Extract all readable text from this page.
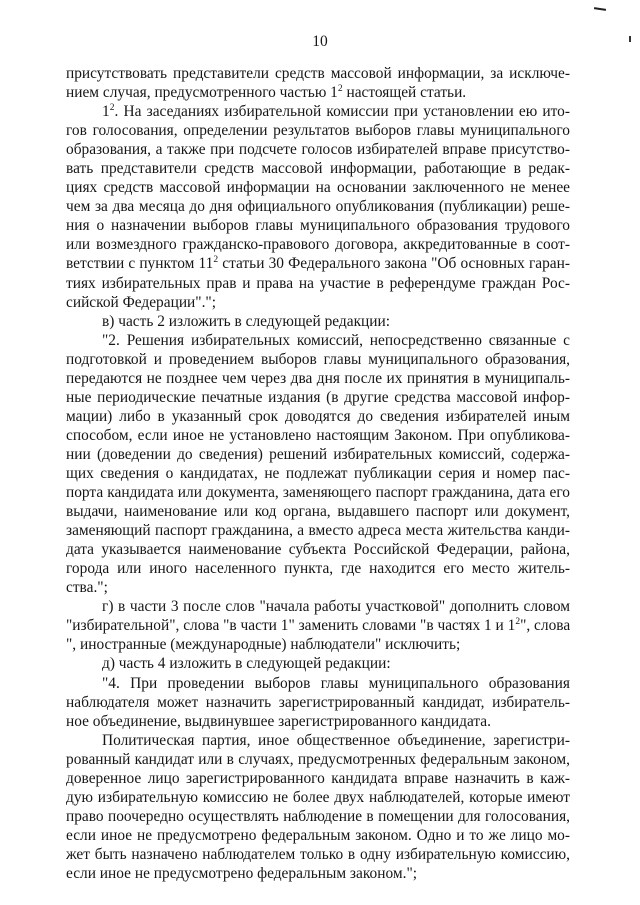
10
присутствовать представители средств массовой информации, за исключе-
нием случая, предусмотренного частью $1^2$ настоящей статьи.
$1^2$. На заседаниях избирательной комиссии при установлении ею ито-
гов голосования, определении результатов выборов главы муниципального
образования, а также при подсчете голосов избирателей вправе присутство-
вать представители средств массовой информации, работающие в редак-
циях средств массовой информации на основании заключенного не менее
чем за два месяца до дня официального опубликования (публикации) реше-
ния о назначении выборов главы муниципального образования трудового
или возмездного гражданско-правового договора, аккредитованные в соот-
ветствии с пунктом $11^2$ статьи 30 Федерального закона "Об основных гаран-
тиях избирательных прав и права на участие в референдуме граждан Рос-
сийской Федерации".";
в) часть 2 изложить в следующей редакции:
"2. Решения избирательных комиссий, непосредственно связанные с
подготовкой и проведением выборов главы муниципального образования,
передаются не позднее чем через два дня после их принятия в муниципаль-
ные периодические печатные издания (в другие средства массовой инфор-
мации) либо в указанный срок доводятся до сведения избирателей иным
способом, если иное не установлено настоящим Законом. При опубликова-
нии (доведении до сведения) решений избирательных комиссий, содержа-
щих сведения о кандидатах, не подлежат публикации серия и номер пас-
порта кандидата или документа, заменяющего паспорт гражданина, дата его
выдачи, наименование или код органа, выдавшего паспорт или документ,
заменяющий паспорт гражданина, а вместо адреса места жительства канди-
дата указывается наименование субъекта Российской Федерации, района,
города или иного населенного пункта, где находится его место житель-
ства.";
г) в части 3 после слов "начала работы участковой" дополнить словом
"избирательной", слова "в части 1" заменить словами "в частях 1 и $1^2$", слова
", иностранные (международные) наблюдатели" исключить;
д) часть 4 изложить в следующей редакции:
"4. При проведении выборов главы муниципального образования
наблюдателя может назначить зарегистрированный кандидат, избиратель-
ное объединение, выдвинувшее зарегистрированного кандидата.
Политическая партия, иное общественное объединение, зарегистри-
рованный кандидат или в случаях, предусмотренных федеральным законом,
доверенное лицо зарегистрированного кандидата вправе назначить в каж-
дую избирательную комиссию не более двух наблюдателей, которые имеют
право поочередно осуществлять наблюдение в помещении для голосования,
если иное не предусмотрено федеральным законом. Одно и то же лицо мо-
жет быть назначено наблюдателем только в одну избирательную комиссию,
если иное не предусмотрено федеральным законом.";
